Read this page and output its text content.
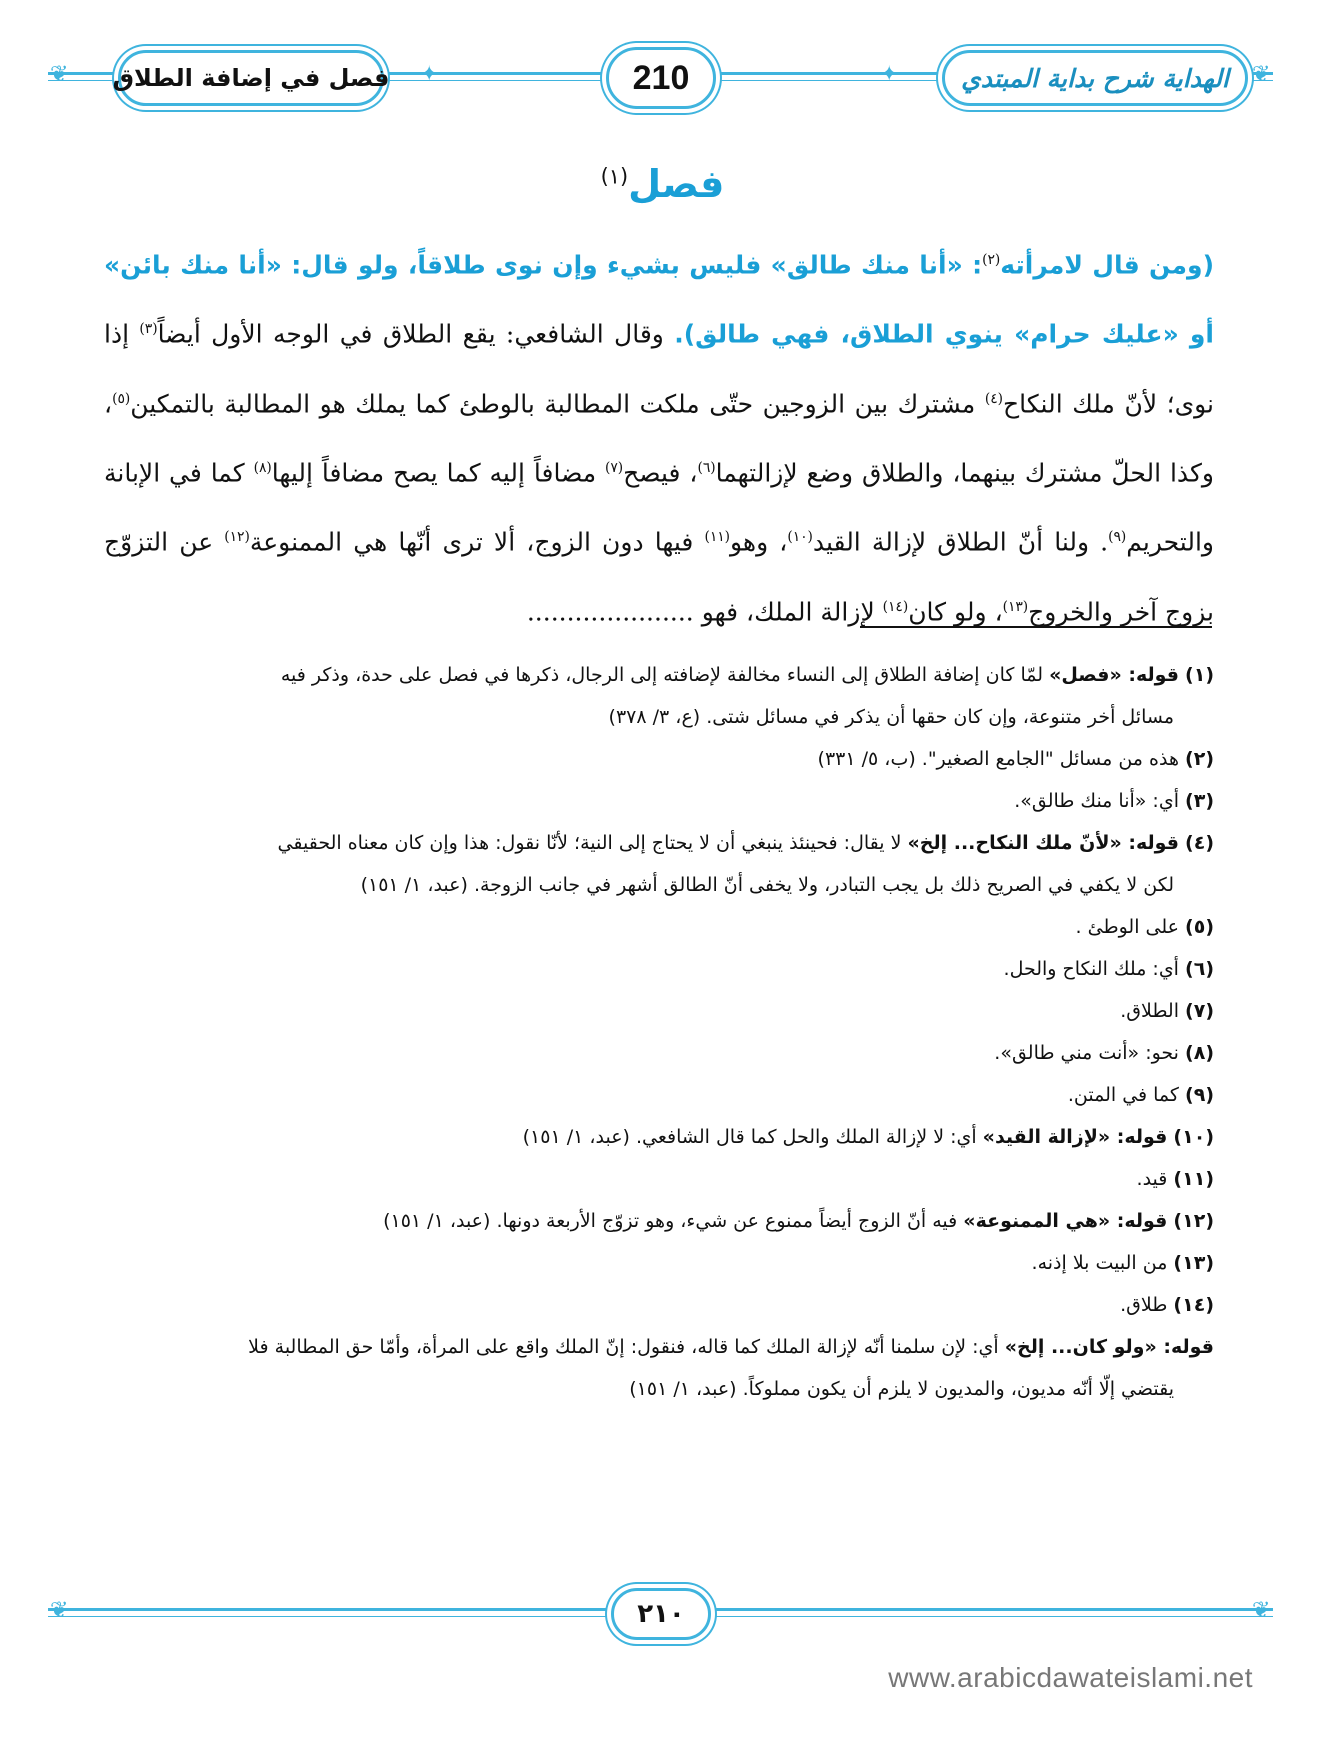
❦	❦
✦	✦
فصل في إضافة الطلاق	210	الهداية شرح بداية المبتدي
فصل$^{(١)}$
(ومن قال لامرأته$^{(٢)}$: «أنا منك طالق» فليس بشيء وإن نوى طلاقاً، ولو قال: «أنا منك بائن» أو «عليك حرام» ينوي الطلاق، فهي طالق). وقال الشافعي: يقع الطلاق في الوجه الأول أيضاً$^{(٣)}$ إذا نوى؛ لأنّ ملك النكاح$^{(٤)}$ مشترك بين الزوجين حتّى ملكت المطالبة بالوطئ كما يملك هو المطالبة بالتمكين$^{(٥)}$، وكذا الحلّ مشترك بينهما، والطلاق وضع لإزالتهما$^{(٦)}$، فيصح$^{(٧)}$ مضافاً إليه كما يصح مضافاً إليها$^{(٨)}$ كما في الإبانة والتحريم$^{(٩)}$. ولنا أنّ الطلاق لإزالة القيد$^{(١٠)}$، وهو$^{(١١)}$ فيها دون الزوج، ألا ترى أنّها هي الممنوعة$^{(١٢)}$ عن التزوّج بزوج آخر والخروج$^{(١٣)}$، ولو كان$^{(١٤)}$ لإزالة الملك، فهو .....................

(١) قوله: «فصل» لمّا كان إضافة الطلاق إلى النساء مخالفة لإضافته إلى الرجال، ذكرها في فصل على حدة، وذكر فيه
مسائل أخر متنوعة، وإن كان حقها أن يذكر في مسائل شتى. (ع، ٣/ ٣٧٨)

(٢) هذه من مسائل "الجامع الصغير". (ب، ٥/ ٣٣١)

(٣) أي: «أنا منك طالق».

(٤) قوله: «لأنّ ملك النكاح... إلخ» لا يقال: فحينئذ ينبغي أن لا يحتاج إلى النية؛ لأنّا نقول: هذا وإن كان معناه الحقيقي
لكن لا يكفي في الصريح ذلك بل يجب التبادر، ولا يخفى أنّ الطالق أشهر في جانب الزوجة. (عبد، ١/ ١٥١)

(٥) على الوطئ .

(٦) أي: ملك النكاح والحل.

(٧) الطلاق.

(٨) نحو: «أنت مني طالق».

(٩) كما في المتن.

(١٠) قوله: «لإزالة القيد» أي: لا لإزالة الملك والحل كما قال الشافعي. (عبد، ١/ ١٥١)

(١١) قيد.

(١٢) قوله: «هي الممنوعة» فيه أنّ الزوج أيضاً ممنوع عن شيء، وهو تزوّج الأربعة دونها. (عبد، ١/ ١٥١)

(١٣) من البيت بلا إذنه.

(١٤) طلاق.

قوله: «ولو كان... إلخ» أي: لإن سلمنا أنّه لإزالة الملك كما قاله، فنقول: إنّ الملك واقع على المرأة، وأمّا حق المطالبة فلا
يقتضي إلّا أنّه مديون، والمديون لا يلزم أن يكون مملوكاً. (عبد، ١/ ١٥١)

❦	❦
٢١٠
www.arabicdawateislami.net
